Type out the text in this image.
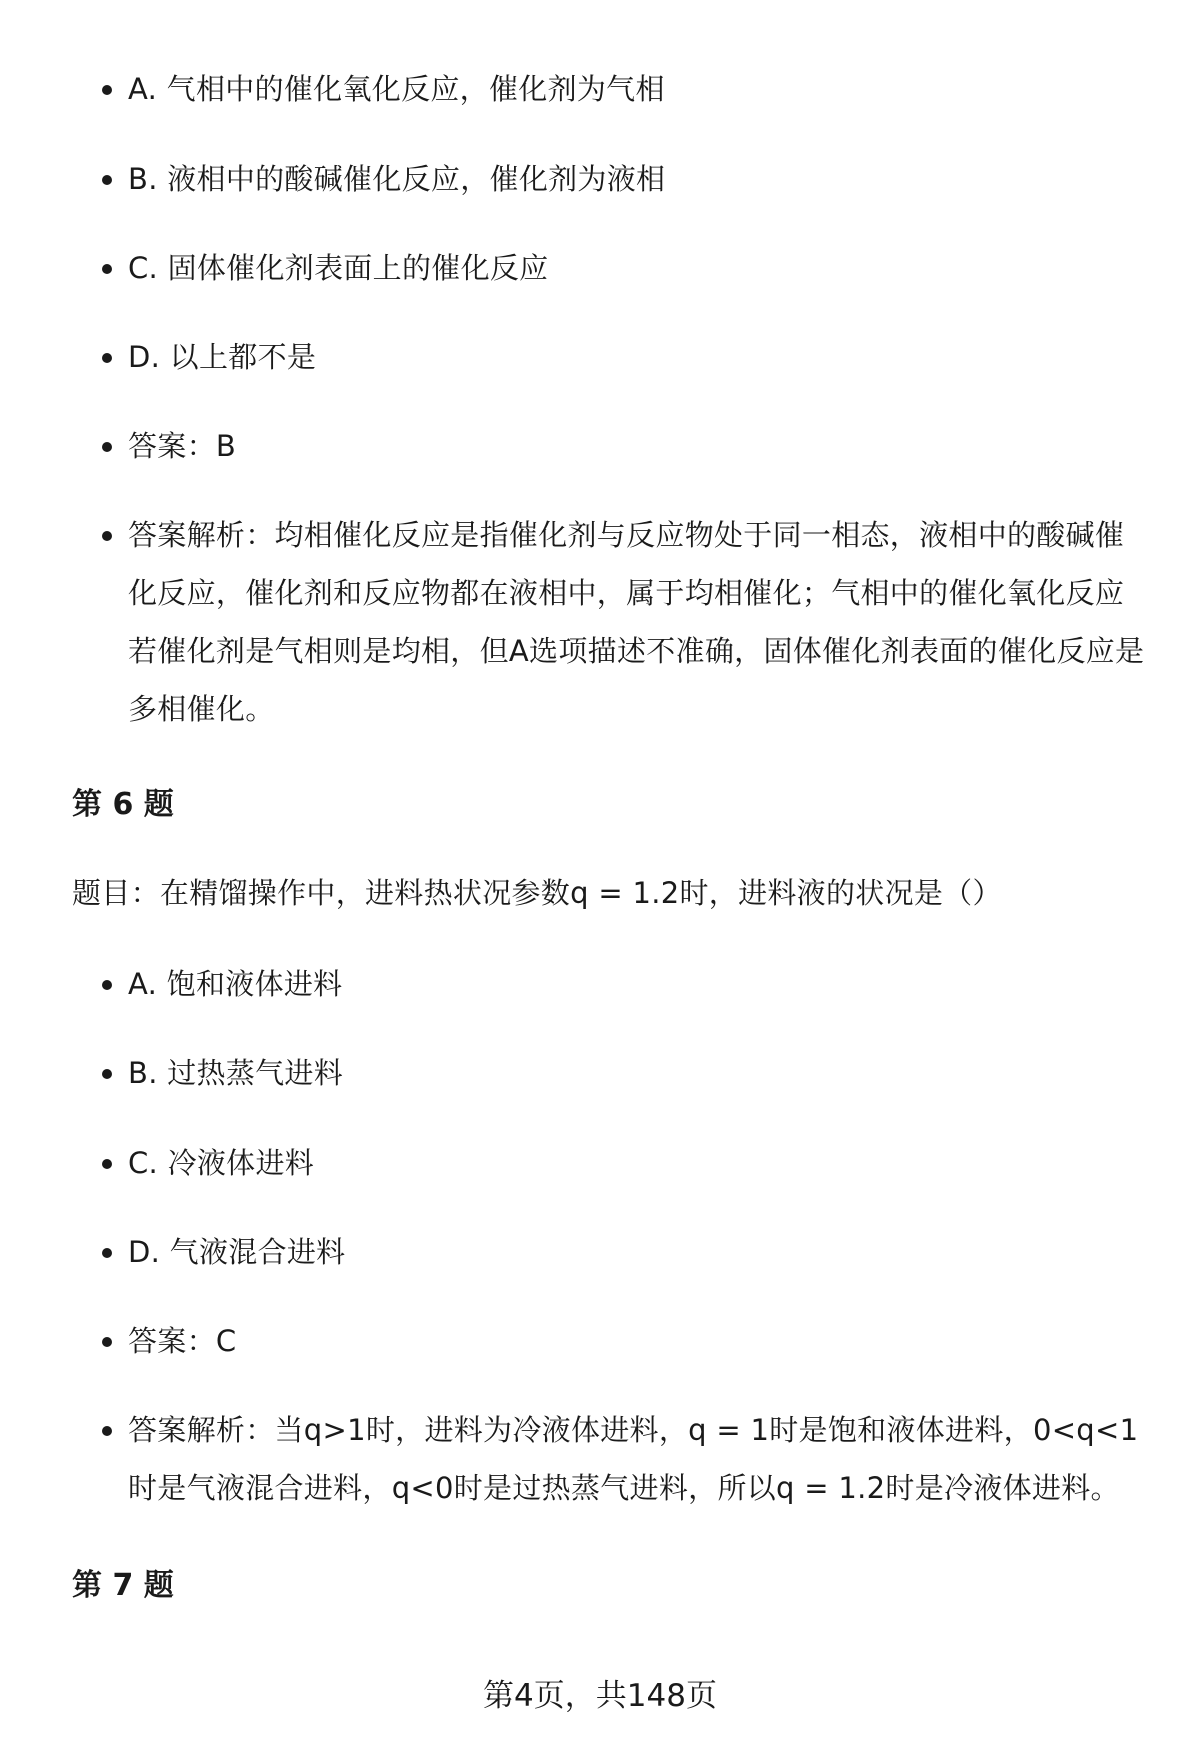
A. 气相中的催化氧化反应，催化剂为气相
B. 液相中的酸碱催化反应，催化剂为液相
C. 固体催化剂表面上的催化反应
D. 以上都不是
答案：B
答案解析：均相催化反应是指催化剂与反应物处于同一相态，液相中的酸碱催化反应，催化剂和反应物都在液相中，属于均相催化；气相中的催化氧化反应若催化剂是气相则是均相，但A选项描述不准确，固体催化剂表面的催化反应是多相催化。
第 6 题
题目：在精馏操作中，进料热状况参数q = 1.2时，进料液的状况是（）
A. 饱和液体进料
B. 过热蒸气进料
C. 冷液体进料
D. 气液混合进料
答案：C
答案解析：当q>1时，进料为冷液体进料，q = 1时是饱和液体进料，0<q<1时是气液混合进料，q<0时是过热蒸气进料，所以q = 1.2时是冷液体进料。
第 7 题
第4页，共148页
